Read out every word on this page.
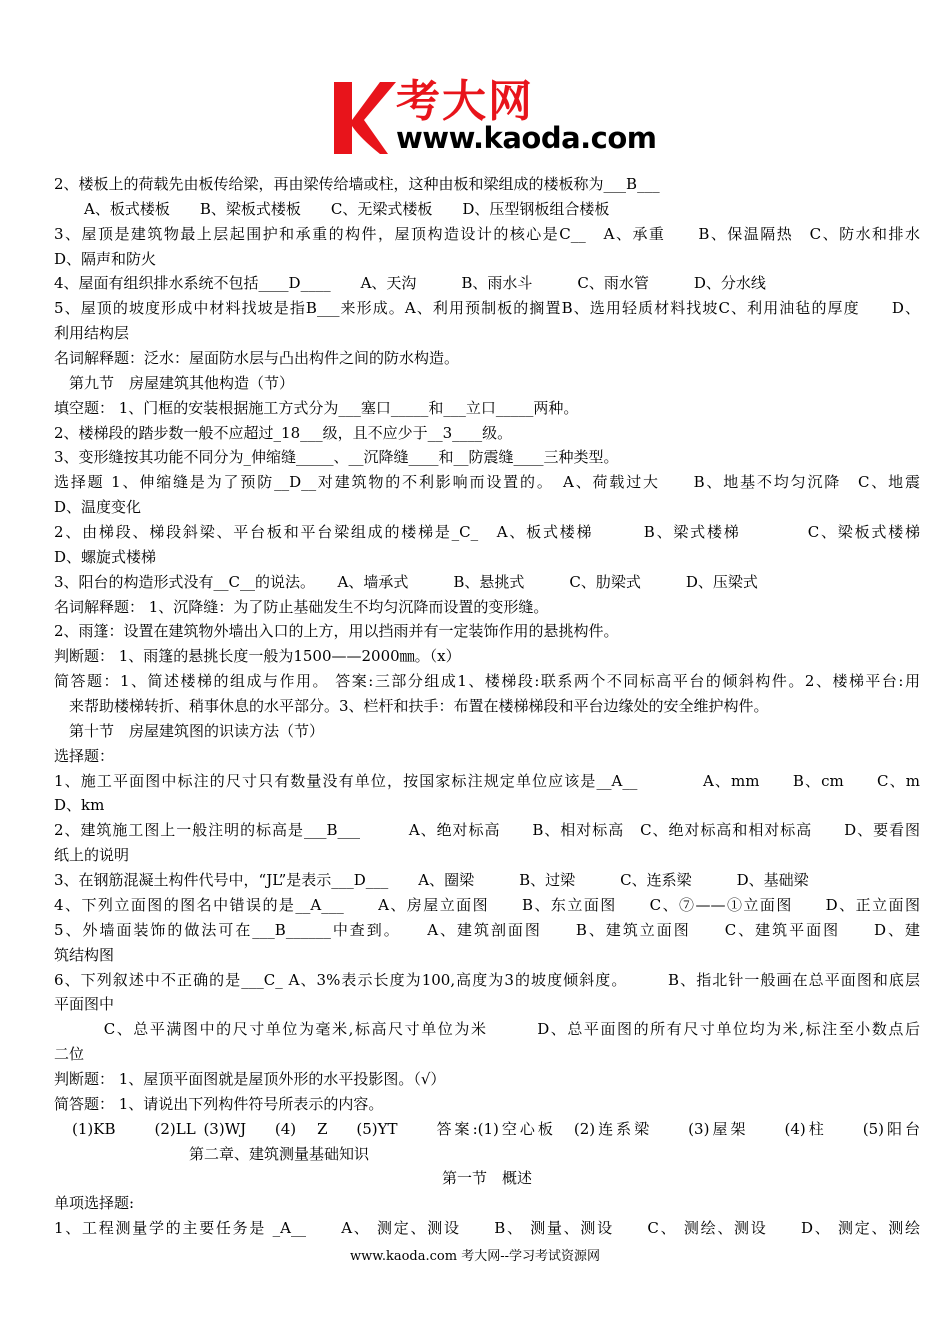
考大网
www.kaoda.com
2、楼板上的荷载先由板传给梁，再由梁传给墙或柱，这种由板和梁组成的楼板称为___B___
　　A、板式楼板　　B、梁板式楼板　　C、无梁式楼板　　D、压型钢板组合楼板
3、屋顶是建筑物最上层起围护和承重的构件，屋顶构造设计的核心是C__　A、承重　　B、保温隔热　C、防水和排水
D、隔声和防火
4、屋面有组织排水系统不包括____D____　　A、天沟　　　B、雨水斗　　　C、雨水管　　　D、分水线
5、屋顶的坡度形成中材料找坡是指B___来形成。A、利用预制板的搁置B、选用轻质材料找坡C、利用油毡的厚度　　D、
利用结构层
名词解释题：泛水：屋面防水层与凸出构件之间的防水构造。
　第九节　房屋建筑其他构造（节）
填空题： 1、门框的安装根据施工方式分为___塞口_____和___立口_____两种。
2、楼梯段的踏步数一般不应超过_18___级，且不应少于__3____级。
3、变形缝按其功能不同分为_伸缩缝_____、__沉降缝____和__防震缝____三种类型。
选择题 1、伸缩缝是为了预防__D__对建筑物的不利影响而设置的。　A、荷载过大　　B、地基不均匀沉降　C、地震
D、温度变化
2、由梯段、梯段斜梁、平台板和平台梁组成的楼梯是_C_　A、板式楼梯　　　B、梁式楼梯　　　　C、梁板式楼梯
D、螺旋式楼梯
3、阳台的构造形式没有__C__的说法。　　A、墙承式　　　B、悬挑式　　　C、肋梁式　　　D、压梁式
名词解释题： 1、沉降缝：为了防止基础发生不均匀沉降而设置的变形缝。
2、雨篷：设置在建筑物外墙出入口的上方，用以挡雨并有一定装饰作用的悬挑构件。
判断题： 1、雨篷的悬挑长度一般为1500——2000㎜。（x）
简答题：1、简述楼梯的组成与作用。 答案:三部分组成1、楼梯段:联系两个不同标高平台的倾斜构件。2、楼梯平台:用
　来帮助楼梯转折、稍事休息的水平部分。3、栏杆和扶手：布置在楼梯梯段和平台边缘处的安全维护构件。
　第十节　房屋建筑图的识读方法（节）
选择题：
1、施工平面图中标注的尺寸只有数量没有单位，按国家标注规定单位应该是__A__　　　　A、mm　　B、cm　　C、m
D、km
2、建筑施工图上一般注明的标高是___B___　　　A、绝对标高　　B、相对标高　C、绝对标高和相对标高　　D、要看图
纸上的说明
3、在钢筋混凝土构件代号中，“JL”是表示___D___　　A、圈梁　　　B、过梁　　　C、连系梁　　　D、基础梁
4、下列立面图的图名中错误的是__A___　　A、房屋立面图　　B、东立面图　　C、⑦——①立面图　　D、正立面图
5、外墙面装饰的做法可在___B______中查到。　　A、建筑剖面图　　B、建筑立面图　　C、建筑平面图　　D、建
筑结构图
6、下列叙述中不正确的是___C_ A、3%表示长度为100,高度为3的坡度倾斜度。　　　B、指北针一般画在总平面图和底层
平面图中
　　　C、总平满图中的尺寸单位为毫米,标高尺寸单位为米　　　D、总平面图的所有尺寸单位均为米,标注至小数点后
二位
判断题： 1、屋顶平面图就是屋顶外形的水平投影图。（√）
简答题： 1、请说出下列构件符号所表示的内容。
　(1)KB　　(2)LL (3)WJ　 (4)　Z　 (5)YT　　答案:(1)空心板　(2)连系梁　　(3)屋架　　(4)柱　　(5)阳台
　　　　　　　　　第二章、建筑测量基础知识
第一节　概述
单项选择题:
1、工程测量学的主要任务是 _A__　　A、 测定、测设　　B、 测量、测设　　C、 测绘、测设　　D、 测定、测绘
www.kaoda.com 考大网--学习考试资源网
